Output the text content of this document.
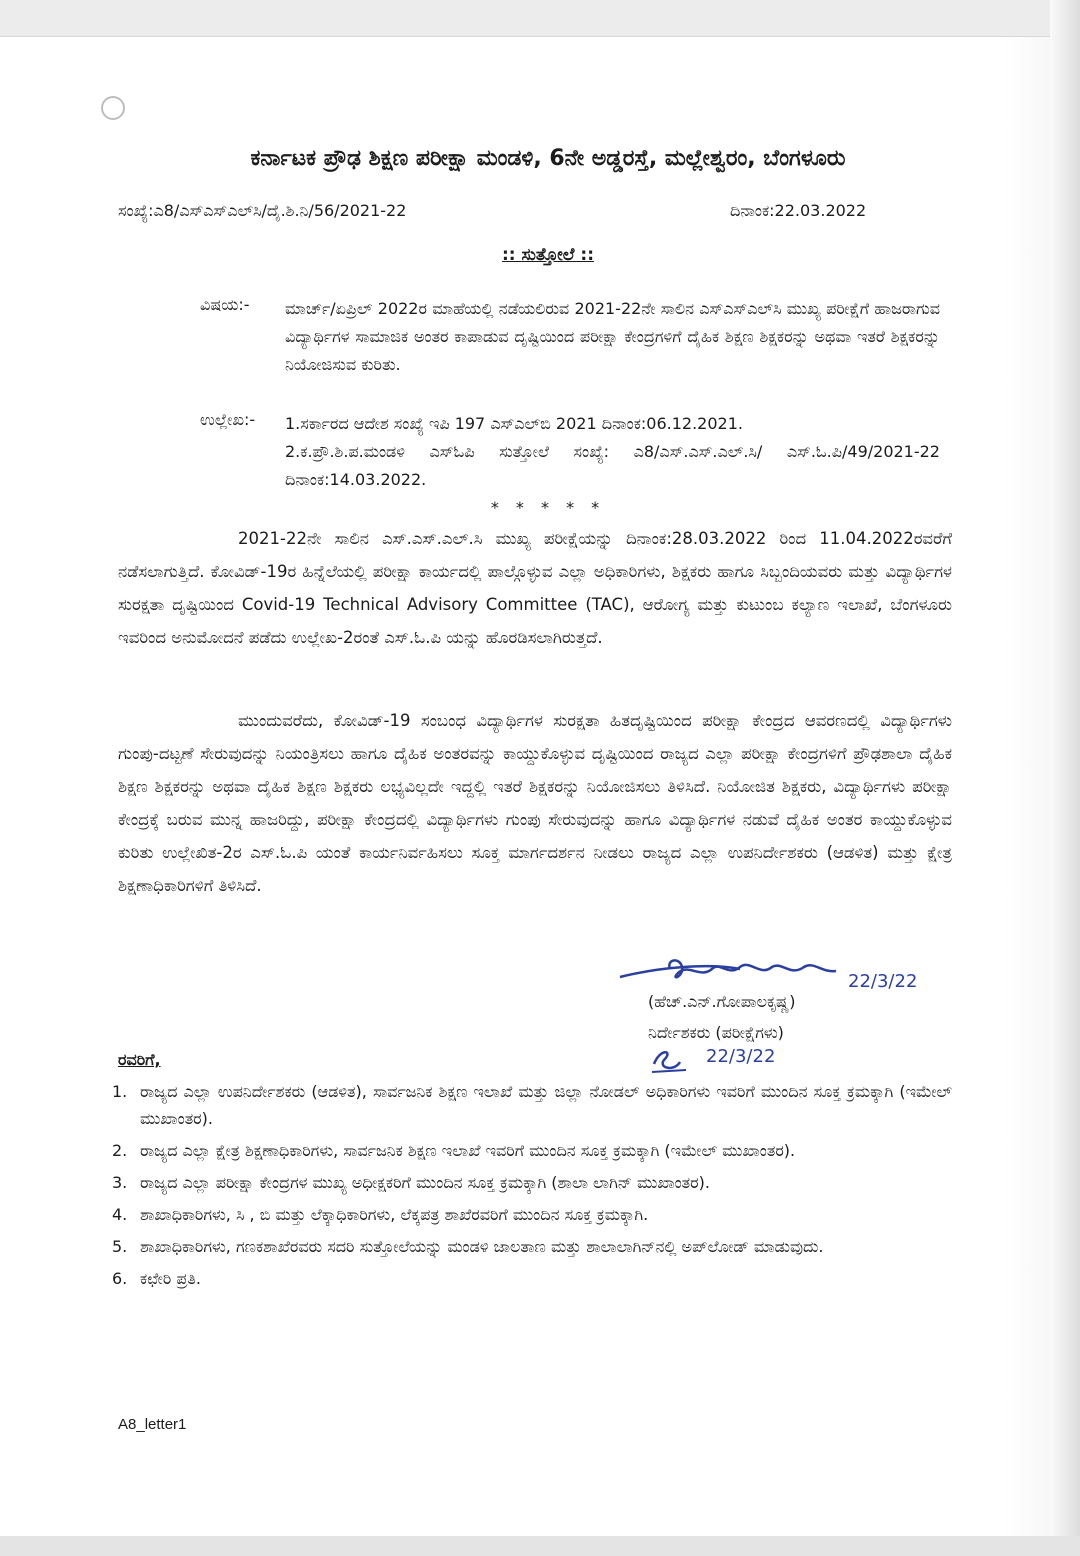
ಕರ್ನಾಟಕ ಪ್ರೌಢ ಶಿಕ್ಷಣ ಪರೀಕ್ಷಾ ಮಂಡಳಿ, 6ನೇ ಅಡ್ಡರಸ್ತೆ, ಮಲ್ಲೇಶ್ವರಂ, ಬೆಂಗಳೂರು
ಸಂಖ್ಯೆ:ಎ8/ಎಸ್ಎಸ್ಎಲ್‌ಸಿ/ದೈ.ಶಿ.ನಿ/56/2021-22	ದಿನಾಂಕ:22.03.2022
:: ಸುತ್ತೋಲೆ ::
ವಿಷಯ:- ಮಾರ್ಚ್/ಏಪ್ರಿಲ್ 2022ರ ಮಾಹೆಯಲ್ಲಿ ನಡೆಯಲಿರುವ 2021-22ನೇ ಸಾಲಿನ ಎಸ್ಎಸ್ಎಲ್‌ಸಿ ಮುಖ್ಯ ಪರೀಕ್ಷೆಗೆ ಹಾಜರಾಗುವ ವಿದ್ಯಾರ್ಥಿಗಳ ಸಾಮಾಜಿಕ ಅಂತರ ಕಾಪಾಡುವ ದೃಷ್ಟಿಯಿಂದ ಪರೀಕ್ಷಾ ಕೇಂದ್ರಗಳಿಗೆ ದೈಹಿಕ ಶಿಕ್ಷಣ ಶಿಕ್ಷಕರನ್ನು ಅಥವಾ ಇತರೆ ಶಿಕ್ಷಕರನ್ನು ನಿಯೋಜಿಸುವ ಕುರಿತು.
ಉಲ್ಲೇಖ:- 1.ಸರ್ಕಾರದ ಆದೇಶ ಸಂಖ್ಯೆ ಇಪಿ 197 ಎಸ್‌ಎಲ್‌ಬಿ 2021 ದಿನಾಂಕ:06.12.2021.
2.ಕ.ಪ್ರೌ.ಶಿ.ಪ.ಮಂಡಳಿ ಎಸ್‌ಓಪಿ ಸುತ್ತೋಲೆ ಸಂಖ್ಯೆ: ಎ8/ಎಸ್.ಎಸ್.ಎಲ್.ಸಿ/ ಎಸ್.ಓ.ಪಿ/49/2021-22 ದಿನಾಂಕ:14.03.2022.
* * * * *
2021-22ನೇ ಸಾಲಿನ ಎಸ್.ಎಸ್.ಎಲ್.ಸಿ ಮುಖ್ಯ ಪರೀಕ್ಷೆಯನ್ನು ದಿನಾಂಕ:28.03.2022 ರಿಂದ 11.04.2022ರವರೆಗೆ ನಡೆಸಲಾಗುತ್ತಿದೆ. ಕೋವಿಡ್-19ರ ಹಿನ್ನೆಲೆಯಲ್ಲಿ ಪರೀಕ್ಷಾ ಕಾರ್ಯದಲ್ಲಿ ಪಾಲ್ಗೊಳ್ಳುವ ಎಲ್ಲಾ ಅಧಿಕಾರಿಗಳು, ಶಿಕ್ಷಕರು ಹಾಗೂ ಸಿಬ್ಬಂದಿಯವರು ಮತ್ತು ವಿದ್ಯಾರ್ಥಿಗಳ ಸುರಕ್ಷತಾ ದೃಷ್ಟಿಯಿಂದ Covid-19 Technical Advisory Committee (TAC), ಆರೋಗ್ಯ ಮತ್ತು ಕುಟುಂಬ ಕಲ್ಯಾಣ ಇಲಾಖೆ, ಬೆಂಗಳೂರು ಇವರಿಂದ ಅನುಮೋದನೆ ಪಡೆದು ಉಲ್ಲೇಖ-2ರಂತೆ ಎಸ್.ಓ.ಪಿ ಯನ್ನು ಹೊರಡಿಸಲಾಗಿರುತ್ತದೆ.
ಮುಂದುವರೆದು, ಕೋವಿಡ್-19 ಸಂಬಂಧ ವಿದ್ಯಾರ್ಥಿಗಳ ಸುರಕ್ಷತಾ ಹಿತದೃಷ್ಟಿಯಿಂದ ಪರೀಕ್ಷಾ ಕೇಂದ್ರದ ಆವರಣದಲ್ಲಿ ವಿದ್ಯಾರ್ಥಿಗಳು ಗುಂಪು-ದಟ್ಟಣೆ ಸೇರುವುದನ್ನು ನಿಯಂತ್ರಿಸಲು ಹಾಗೂ ದೈಹಿಕ ಅಂತರವನ್ನು ಕಾಯ್ದುಕೊಳ್ಳುವ ದೃಷ್ಟಿಯಿಂದ ರಾಜ್ಯದ ಎಲ್ಲಾ ಪರೀಕ್ಷಾ ಕೇಂದ್ರಗಳಿಗೆ ಪ್ರೌಢಶಾಲಾ ದೈಹಿಕ ಶಿಕ್ಷಣ ಶಿಕ್ಷಕರನ್ನು ಅಥವಾ ದೈಹಿಕ ಶಿಕ್ಷಣ ಶಿಕ್ಷಕರು ಲಭ್ಯವಿಲ್ಲದೇ ಇದ್ದಲ್ಲಿ ಇತರೆ ಶಿಕ್ಷಕರನ್ನು ನಿಯೋಜಿಸಲು ತಿಳಿಸಿದೆ. ನಿಯೋಜಿತ ಶಿಕ್ಷಕರು, ವಿದ್ಯಾರ್ಥಿಗಳು ಪರೀಕ್ಷಾ ಕೇಂದ್ರಕ್ಕೆ ಬರುವ ಮುನ್ನ ಹಾಜರಿದ್ದು, ಪರೀಕ್ಷಾ ಕೇಂದ್ರದಲ್ಲಿ ವಿದ್ಯಾರ್ಥಿಗಳು ಗುಂಪು ಸೇರುವುದನ್ನು ಹಾಗೂ ವಿದ್ಯಾರ್ಥಿಗಳ ನಡುವೆ ದೈಹಿಕ ಅಂತರ ಕಾಯ್ದುಕೊಳ್ಳುವ ಕುರಿತು ಉಲ್ಲೇಖಿತ-2ರ ಎಸ್.ಓ.ಪಿ ಯಂತೆ ಕಾರ್ಯನಿರ್ವಹಿಸಲು ಸೂಕ್ತ ಮಾರ್ಗದರ್ಶನ ನೀಡಲು ರಾಜ್ಯದ ಎಲ್ಲಾ ಉಪನಿರ್ದೇಶಕರು (ಆಡಳಿತ) ಮತ್ತು ಕ್ಷೇತ್ರ ಶಿಕ್ಷಣಾಧಿಕಾರಿಗಳಿಗೆ ತಿಳಿಸಿದೆ.
22/3/22
(ಹೆಚ್.ಎನ್.ಗೋಪಾಲಕೃಷ್ಣ)
ನಿರ್ದೇಶಕರು (ಪರೀಕ್ಷೆಗಳು)
22/3/22
ರವರಿಗೆ,
1. ರಾಜ್ಯದ ಎಲ್ಲಾ ಉಪನಿರ್ದೇಶಕರು (ಆಡಳಿತ), ಸಾರ್ವಜನಿಕ ಶಿಕ್ಷಣ ಇಲಾಖೆ ಮತ್ತು ಜಿಲ್ಲಾ ನೋಡಲ್ ಅಧಿಕಾರಿಗಳು ಇವರಿಗೆ ಮುಂದಿನ ಸೂಕ್ತ ಕ್ರಮಕ್ಕಾಗಿ (ಇಮೇಲ್ ಮುಖಾಂತರ).
2. ರಾಜ್ಯದ ಎಲ್ಲಾ ಕ್ಷೇತ್ರ ಶಿಕ್ಷಣಾಧಿಕಾರಿಗಳು, ಸಾರ್ವಜನಿಕ ಶಿಕ್ಷಣ ಇಲಾಖೆ ಇವರಿಗೆ ಮುಂದಿನ ಸೂಕ್ತ ಕ್ರಮಕ್ಕಾಗಿ (ಇಮೇಲ್ ಮುಖಾಂತರ).
3. ರಾಜ್ಯದ ಎಲ್ಲಾ ಪರೀಕ್ಷಾ ಕೇಂದ್ರಗಳ ಮುಖ್ಯ ಅಧೀಕ್ಷಕರಿಗೆ ಮುಂದಿನ ಸೂಕ್ತ ಕ್ರಮಕ್ಕಾಗಿ (ಶಾಲಾ ಲಾಗಿನ್ ಮುಖಾಂತರ).
4. ಶಾಖಾಧಿಕಾರಿಗಳು, ಸಿ , ಬಿ ಮತ್ತು ಲೆಕ್ಕಾಧಿಕಾರಿಗಳು, ಲೆಕ್ಕಪತ್ರ ಶಾಖೆರವರಿಗೆ ಮುಂದಿನ ಸೂಕ್ತ ಕ್ರಮಕ್ಕಾಗಿ.
5. ಶಾಖಾಧಿಕಾರಿಗಳು, ಗಣಕಶಾಖೆರವರು ಸದರಿ ಸುತ್ತೋಲೆಯನ್ನು ಮಂಡಳಿ ಜಾಲತಾಣ ಮತ್ತು ಶಾಲಾಲಾಗಿನ್‌ನಲ್ಲಿ ಅಪ್‌ಲೋಡ್ ಮಾಡುವುದು.
6. ಕಛೇರಿ ಪ್ರತಿ.
A8_letter1
